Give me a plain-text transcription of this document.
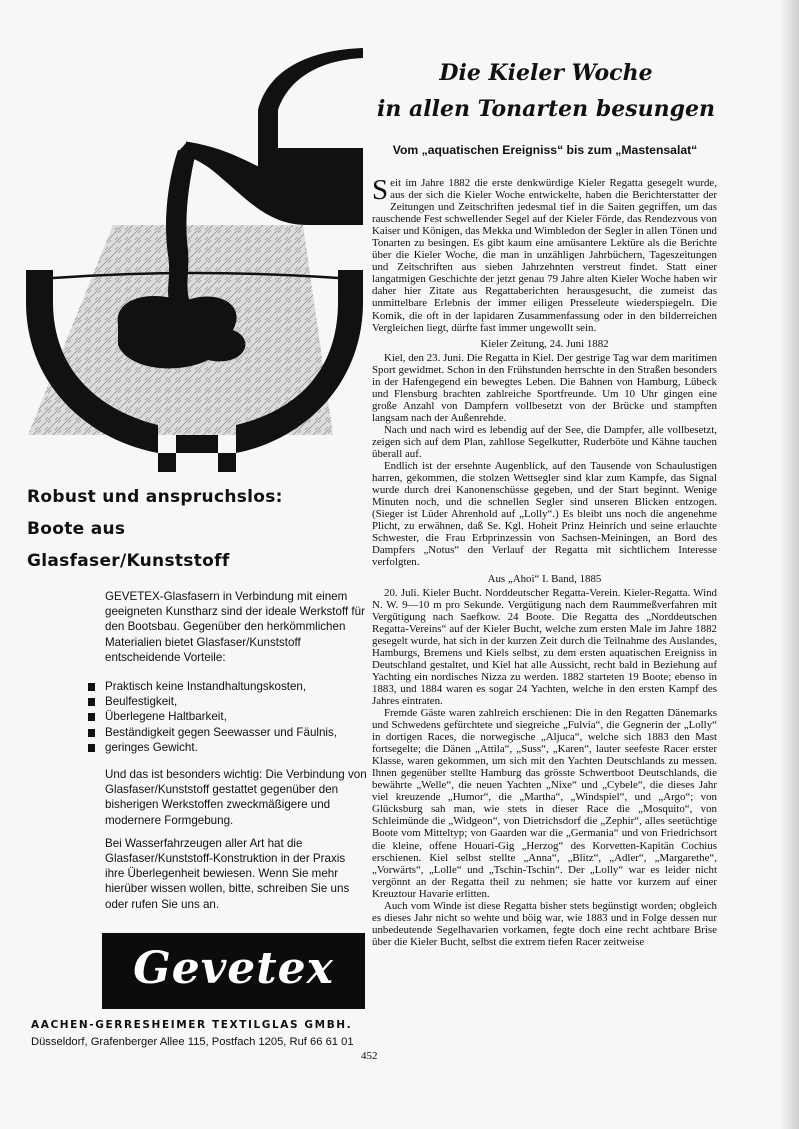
Robust und anspruchslos:
Boote aus
Glasfaser/Kunststoff

GEVETEX-Glasfasern in Verbindung mit einem geeigneten Kunstharz sind der ideale Werkstoff für den Bootsbau. Gegenüber den herkömmlichen Materialien bietet Glasfaser/Kunststoff entscheidende Vorteile:

Praktisch keine Instandhaltungskosten,
Beulfestigkeit,
Überlegene Haltbarkeit,
Beständigkeit gegen Seewasser und Fäulnis,
geringes Gewicht.

Und das ist besonders wichtig: Die Verbindung von Glasfaser/Kunststoff gestattet gegenüber den bisherigen Werkstoffen zweckmäßigere und modernere Formgebung.

Bei Wasserfahrzeugen aller Art hat die Glasfaser/Kunststoff-Konstruktion in der Praxis ihre Überlegenheit bewiesen. Wenn Sie mehr hierüber wissen wollen, bitte, schreiben Sie uns oder rufen Sie uns an.

Gevetex
AACHEN-GERRESHEIMER TEXTILGLAS GMBH.
Düsseldorf, Grafenberger Allee 115, Postfach 1205, Ruf 66 61 01
Die Kieler Woche
in allen Tonarten besungen
Vom „aquatischen Ereigniss“ bis zum „Mastensalat“

Seit im Jahre 1882 die erste denkwürdige Kieler Regatta gesegelt wurde, aus der sich die Kieler Woche entwickelte, haben die Berichterstatter der Zeitungen und Zeitschriften jedesmal tief in die Saiten gegriffen, um das rauschende Fest schwellender Segel auf der Kieler Förde, das Rendezvous von Kaiser und Königen, das Mekka und Wimbledon der Segler in allen Tönen und Tonarten zu besingen. Es gibt kaum eine amüsantere Lektüre als die Berichte über die Kieler Woche, die man in unzähligen Jahrbüchern, Tageszeitungen und Zeitschriften aus sieben Jahrzehnten verstreut findet. Statt einer langatmigen Geschichte der jetzt genau 79 Jahre alten Kieler Woche haben wir daher hier Zitate aus Regattaberichten herausgesucht, die zumeist das unmittelbare Erlebnis der immer eiligen Presseleute wiederspiegeln. Die Komik, die oft in der lapidaren Zusammenfassung oder in den bilderreichen Vergleichen liegt, dürfte fast immer ungewollt sein.

Kieler Zeitung, 24. Juni 1882

Kiel, den 23. Juni. Die Regatta in Kiel. Der gestrige Tag war dem maritimen Sport gewidmet. Schon in den Frühstunden herrschte in den Straßen besonders in der Hafengegend ein bewegtes Leben. Die Bahnen von Hamburg, Lübeck und Flensburg brachten zahlreiche Sportfreunde. Um 10 Uhr gingen eine große Anzahl von Dampfern vollbesetzt von der Brücke und stampften langsam nach der Außenrehde.

Nach und nach wird es lebendig auf der See, die Dampfer, alle vollbesetzt, zeigen sich auf dem Plan, zahllose Segelkutter, Ruderböte und Kähne tauchen überall auf.

Endlich ist der ersehnte Augenblick, auf den Tausende von Schaulustigen harren, gekommen, die stolzen Wettsegler sind klar zum Kampfe, das Signal wurde durch drei Kanonenschüsse gegeben, und der Start beginnt. Wenige Minuten noch, und die schnellen Segler sind unseren Blicken entzogen. (Sieger ist Lüder Ahrenhold auf „Lolly“.) Es bleibt uns noch die angenehme Plicht, zu erwähnen, daß Se. Kgl. Hoheit Prinz Heinrich und seine erlauchte Schwester, die Frau Erbprinzessin von Sachsen-Meiningen, an Bord des Dampfers „Notus“ den Verlauf der Regatta mit sichtlichem Interesse verfolgten.

Aus „Ahoi“ I. Band, 1885

20. Juli. Kieler Bucht. Norddeutscher Regatta-Verein. Kieler-Regatta. Wind N. W. 9—10 m pro Sekunde. Vergütigung nach dem Raummeßverfahren mit Vergütigung nach Saefkow. 24 Boote. Die Regatta des „Norddeutschen Regatta-Vereins“ auf der Kieler Bucht, welche zum ersten Male im Jahre 1882 gesegelt wurde, hat sich in der kurzen Zeit durch die Teilnahme des Auslandes, Hamburgs, Bremens und Kiels selbst, zu dem ersten aquatischen Ereigniss in Deutschland gestaltet, und Kiel hat alle Aussicht, recht bald in Beziehung auf Yachting ein nordisches Nizza zu werden. 1882 starteten 19 Boote; ebenso in 1883, und 1884 waren es sogar 24 Yachten, welche in den ersten Kampf des Jahres eintraten.

Fremde Gäste waren zahlreich erschienen: Die in den Regatten Dänemarks und Schwedens gefürchtete und siegreiche „Fulvia“, die Gegnerin der „Lolly“ in dortigen Races, die norwegische „Aljuca“, welche sich 1883 den Mast fortsegelte; die Dänen „Attila“, „Suss“, „Karen“, lauter seefeste Racer erster Klasse, waren gekommen, um sich mit den Yachten Deutschlands zu messen. Ihnen gegenüber stellte Hamburg das grösste Schwertboot Deutschlands, die bewährte „Welle“, die neuen Yachten „Nixe“ und „Cybele“, die dieses Jahr viel kreuzende „Humor“, die „Martha“, „Windspiel“, und „Argo“; von Glücksburg sah man, wie stets in dieser Race die „Mosquito“, von Schleimünde die „Widgeon“, von Dietrichsdorf die „Zephir“, alles seetüchtige Boote vom Mitteltyp; von Gaarden war die „Germania“ und von Friedrichsort die kleine, offene Houari-Gig „Herzog“ des Korvetten-Kapitän Cochius erschienen. Kiel selbst stellte „Anna“, „Blitz“, „Adler“, „Margarethe“, „Vorwärts“, „Lolle“ und „Tschin-Tschin“. Der „Lolly“ war es leider nicht vergönnt an der Regatta theil zu nehmen; sie hatte vor kurzem auf einer Kreuztour Havarie erlitten.

Auch vom Winde ist diese Regatta bisher stets begünstigt worden; obgleich es dieses Jahr nicht so wehte und böig war, wie 1883 und in Folge dessen nur unbedeutende Segelhavarien vorkamen, fegte doch eine recht achtbare Brise über die Kieler Bucht, selbst die extrem tiefen Racer zeitweise

452
